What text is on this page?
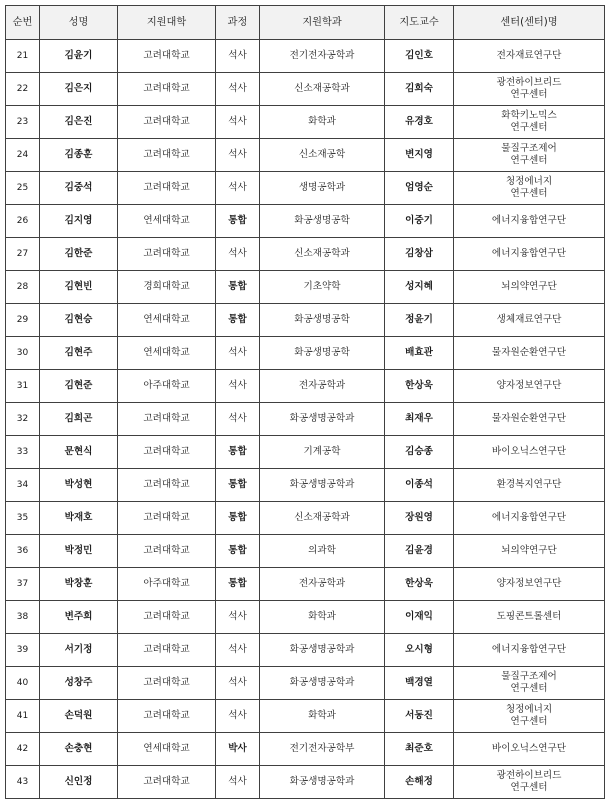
순번	성명	지원대학	과정	지원학과	지도교수	센터(센터)명
21	김윤기	고려대학교	석사	전기전자공학과	김인호	전자재료연구단

22	김은지	고려대학교	석사	신소재공학과	김희숙	광전하이브리드
연구센터

23	김은진	고려대학교	석사	화학과	유경호	화학키노믹스
연구센터

24	김종훈	고려대학교	석사	신소재공학	변지영	물질구조제어
연구센터

25	김중석	고려대학교	석사	생명공학과	엄영순	청정에너지
연구센터

26	김지영	연세대학교	통합	화공생명공학	이중기	에너지융합연구단

27	김한준	고려대학교	석사	신소재공학과	김창삼	에너지융합연구단

28	김현빈	경희대학교	통합	기초약학	성지혜	뇌의약연구단

29	김현승	연세대학교	통합	화공생명공학	정윤기	생체재료연구단

30	김현주	연세대학교	석사	화공생명공학	배효관	물자원순환연구단

31	김현준	아주대학교	석사	전자공학과	한상욱	양자정보연구단

32	김희곤	고려대학교	석사	화공생명공학과	최재우	물자원순환연구단

33	문현식	고려대학교	통합	기계공학	김승종	바이오닉스연구단

34	박성현	고려대학교	통합	화공생명공학과	이종석	환경복지연구단

35	박재호	고려대학교	통합	신소재공학과	장원영	에너지융합연구단

36	박정민	고려대학교	통합	의과학	김윤경	뇌의약연구단

37	박창훈	아주대학교	통합	전자공학과	한상욱	양자정보연구단

38	변주희	고려대학교	석사	화학과	이재익	도핑콘트롤센터

39	서기정	고려대학교	석사	화공생명공학과	오시형	에너지융합연구단

40	성창주	고려대학교	석사	화공생명공학과	백경열	물질구조제어
연구센터

41	손덕원	고려대학교	석사	화학과	서동진	청정에너지
연구센터

42	손충현	연세대학교	박사	전기전자공학부	최준호	바이오닉스연구단

43	신인정	고려대학교	석사	화공생명공학과	손해정	광전하이브리드
연구센터
